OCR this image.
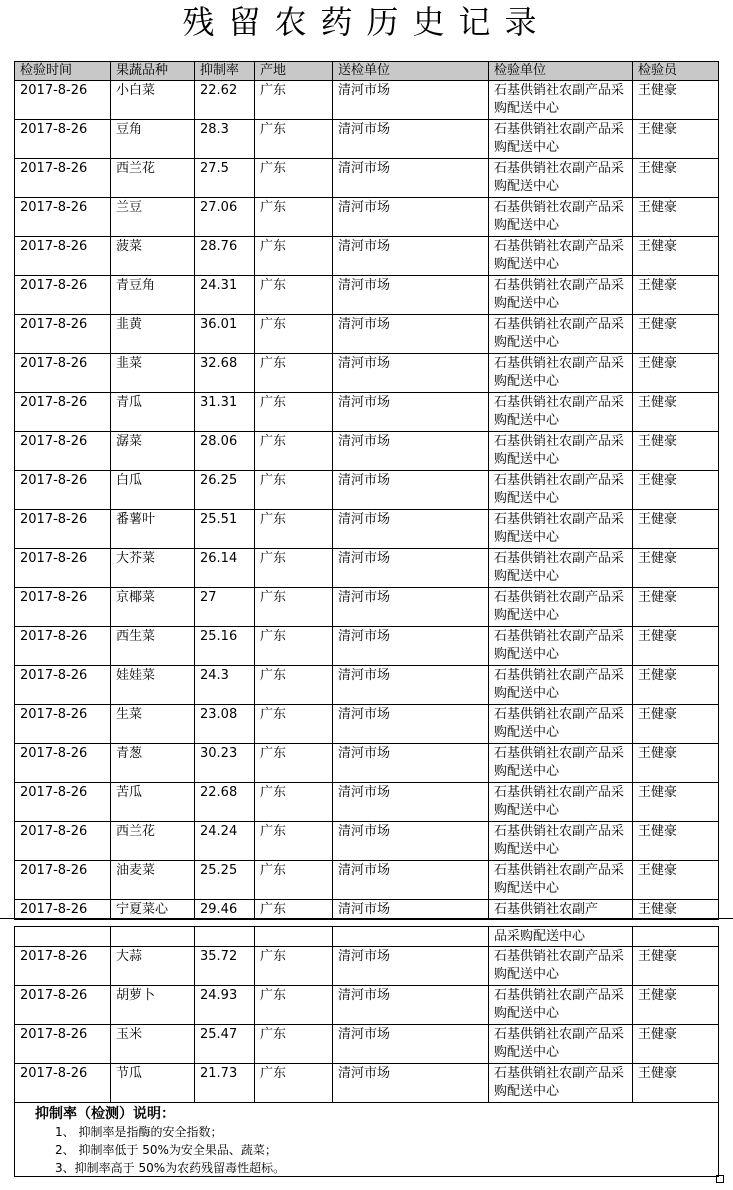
残留农药历史记录
检验时间	果蔬品种	抑制率	产地	送检单位	检验单位	检验员
2017-8-26	小白菜	22.62	广东	清河市场	石基供销社农副产品采购配送中心	王健豪
2017-8-26	豆角	28.3	广东	清河市场	石基供销社农副产品采购配送中心	王健豪
2017-8-26	西兰花	27.5	广东	清河市场	石基供销社农副产品采购配送中心	王健豪
2017-8-26	兰豆	27.06	广东	清河市场	石基供销社农副产品采购配送中心	王健豪
2017-8-26	菠菜	28.76	广东	清河市场	石基供销社农副产品采购配送中心	王健豪
2017-8-26	青豆角	24.31	广东	清河市场	石基供销社农副产品采购配送中心	王健豪
2017-8-26	韭黄	36.01	广东	清河市场	石基供销社农副产品采购配送中心	王健豪
2017-8-26	韭菜	32.68	广东	清河市场	石基供销社农副产品采购配送中心	王健豪
2017-8-26	青瓜	31.31	广东	清河市场	石基供销社农副产品采购配送中心	王健豪
2017-8-26	潺菜	28.06	广东	清河市场	石基供销社农副产品采购配送中心	王健豪
2017-8-26	白瓜	26.25	广东	清河市场	石基供销社农副产品采购配送中心	王健豪
2017-8-26	番薯叶	25.51	广东	清河市场	石基供销社农副产品采购配送中心	王健豪
2017-8-26	大芥菜	26.14	广东	清河市场	石基供销社农副产品采购配送中心	王健豪
2017-8-26	京椰菜	27	广东	清河市场	石基供销社农副产品采购配送中心	王健豪
2017-8-26	西生菜	25.16	广东	清河市场	石基供销社农副产品采购配送中心	王健豪
2017-8-26	娃娃菜	24.3	广东	清河市场	石基供销社农副产品采购配送中心	王健豪
2017-8-26	生菜	23.08	广东	清河市场	石基供销社农副产品采购配送中心	王健豪
2017-8-26	青葱	30.23	广东	清河市场	石基供销社农副产品采购配送中心	王健豪
2017-8-26	苦瓜	22.68	广东	清河市场	石基供销社农副产品采购配送中心	王健豪
2017-8-26	西兰花	24.24	广东	清河市场	石基供销社农副产品采购配送中心	王健豪
2017-8-26	油麦菜	25.25	广东	清河市场	石基供销社农副产品采购配送中心	王健豪
2017-8-26	宁夏菜心	29.46	广东	清河市场	石基供销社农副产	王健豪
					品采购配送中心	
2017-8-26	大蒜	35.72	广东	清河市场	石基供销社农副产品采购配送中心	王健豪
2017-8-26	胡萝卜	24.93	广东	清河市场	石基供销社农副产品采购配送中心	王健豪
2017-8-26	玉米	25.47	广东	清河市场	石基供销社农副产品采购配送中心	王健豪
2017-8-26	节瓜	21.73	广东	清河市场	石基供销社农副产品采购配送中心	王健豪
抑制率（检测）说明：
1、 抑制率是指酶的安全指数；
2、 抑制率低于 50%为安全果品、蔬菜；
3、抑制率高于 50%为农药残留毒性超标。
